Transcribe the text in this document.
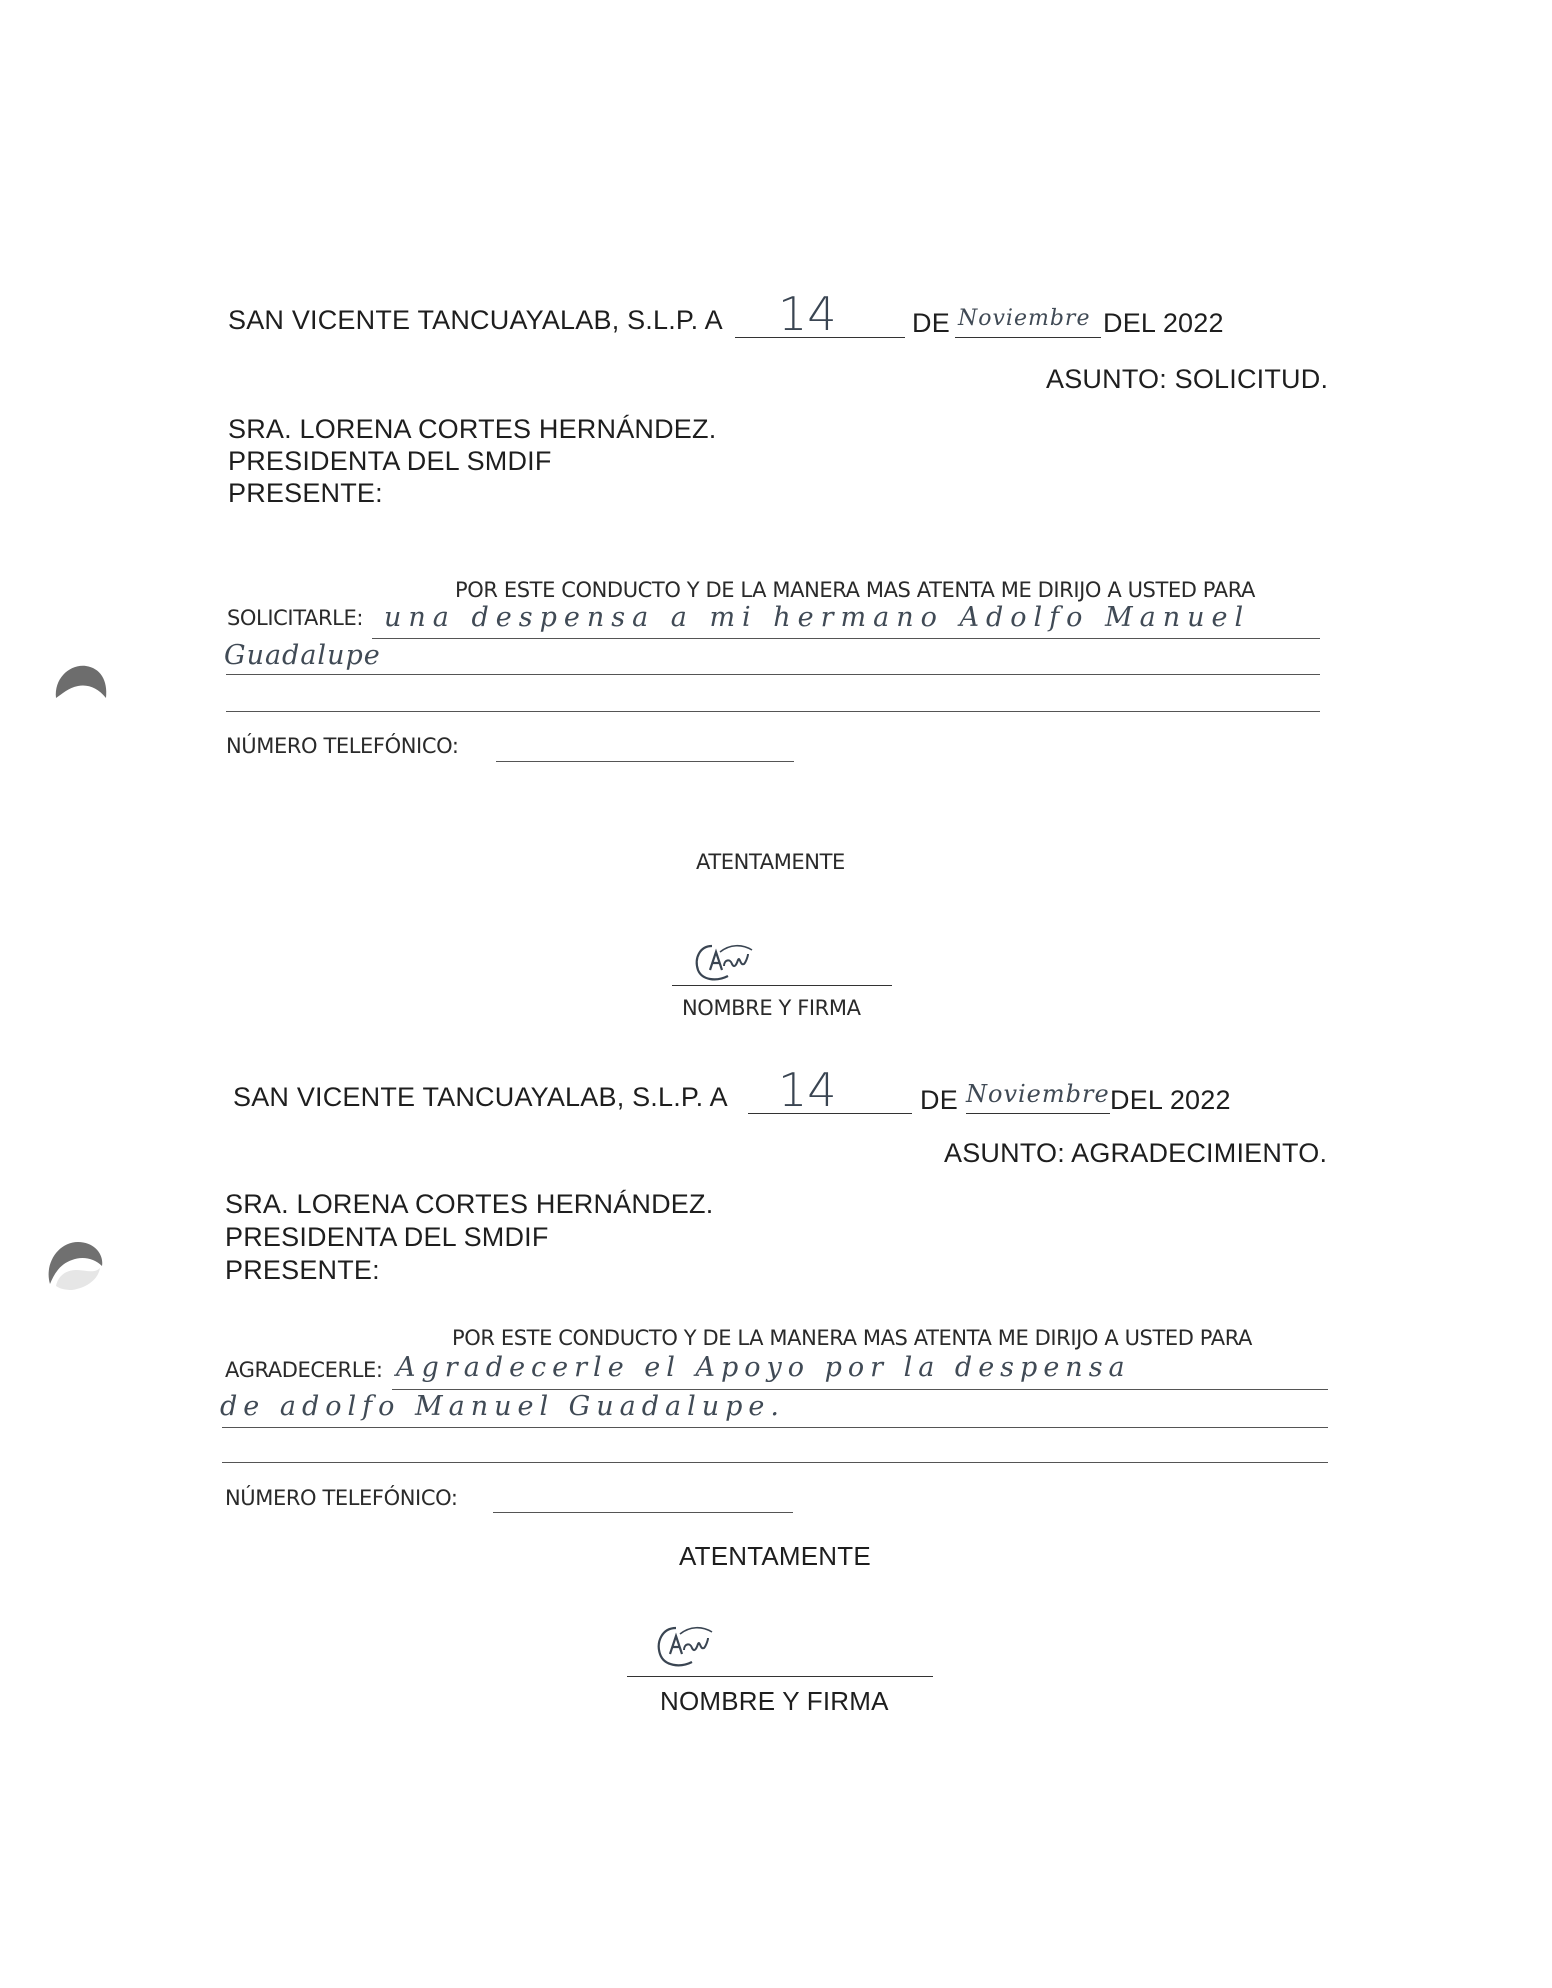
SAN VICENTE TANCUAYALAB, S.L.P. A 14	DE Noviembre DEL 2022
ASUNTO: SOLICITUD.
SRA. LORENA CORTES HERNÁNDEZ.
PRESIDENTA DEL SMDIF
PRESENTE:
POR ESTE CONDUCTO Y DE LA MANERA MAS ATENTA ME DIRIJO A USTED PARA
SOLICITARLE: una despensa a mi hermano Adolfo Manuel
Guadalupe
NÚMERO TELEFÓNICO:
ATENTAMENTE
NOMBRE Y FIRMA
SAN VICENTE TANCUAYALAB, S.L.P. A 14	DE Noviembre DEL 2022
ASUNTO: AGRADECIMIENTO.
SRA. LORENA CORTES HERNÁNDEZ.
PRESIDENTA DEL SMDIF
PRESENTE:
POR ESTE CONDUCTO Y DE LA MANERA MAS ATENTA ME DIRIJO A USTED PARA
AGRADECERLE: Agradecerle el Apoyo por la despensa
de adolfo Manuel Guadalupe.
NÚMERO TELEFÓNICO:
ATENTAMENTE
NOMBRE Y FIRMA
